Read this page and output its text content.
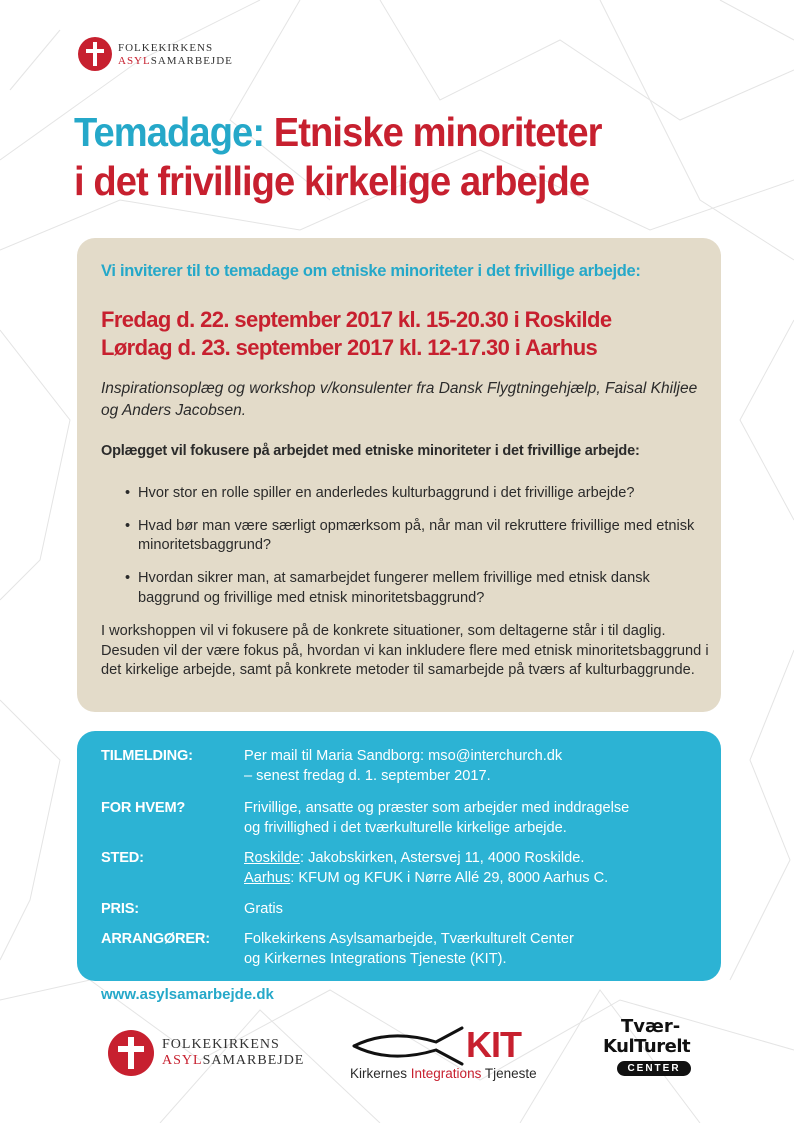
FOLKEKIRKENS
ASYLSAMARBEJDE
Temadage: Etniske minoriteter
i det frivillige kirkelige arbejde
Vi inviterer til to temadage om etniske minoriteter i det frivillige arbejde:
Fredag d. 22. september 2017 kl. 15-20.30 i Roskilde
Lørdag d. 23. september 2017 kl. 12-17.30 i Aarhus
Inspirationsoplæg og workshop v/konsulenter fra Dansk Flygtningehjælp, Faisal Khiljee og Anders Jacobsen.
Oplægget vil fokusere på arbejdet med etniske minoriteter i det frivillige arbejde:
• Hvor stor en rolle spiller en anderledes kulturbaggrund i det frivillige arbejde?
• Hvad bør man være særligt opmærksom på, når man vil rekruttere frivillige med etnisk minoritetsbaggrund?
• Hvordan sikrer man, at samarbejdet fungerer mellem frivillige med etnisk dansk baggrund og frivillige med etnisk minoritetsbaggrund?
I workshoppen vil vi fokusere på de konkrete situationer, som deltagerne står i til daglig. Desuden vil der være fokus på, hvordan vi kan inkludere flere med etnisk minoritetsbaggrund i det kirkelige arbejde, samt på konkrete metoder til samarbejde på tværs af kulturbaggrunde.
TILMELDING:	Per mail til Maria Sandborg: mso@interchurch.dk
– senest fredag d. 1. september 2017.
FOR HVEM?	Frivillige, ansatte og præster som arbejder med inddragelse
og frivillighed i det tværkulturelle kirkelige arbejde.
STED:	Roskilde: Jakobskirken, Astersvej 11, 4000 Roskilde.
Aarhus: KFUM og KFUK i Nørre Allé 29, 8000 Aarhus C.
PRIS:	Gratis
ARRANGØRER: Folkekirkens Asylsamarbejde, Tværkulturelt Center
og Kirkernes Integrations Tjeneste (KIT).
www.asylsamarbejde.dk
FOLKEKIRKENS
ASYLSAMARBEJDE	KIT
Kirkernes Integrations Tjeneste
Tvær-
KulTurelt
CENTER
